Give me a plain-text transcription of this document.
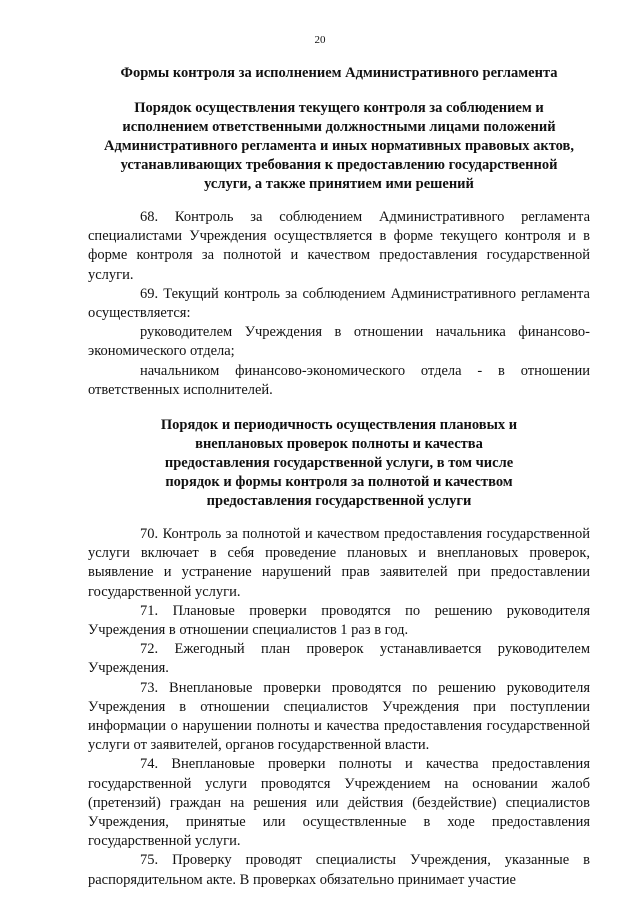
20

Формы контроля за исполнением Административного регламента

Порядок осуществления текущего контроля за соблюдением и исполнением ответственными должностными лицами положений Административного регламента и иных нормативных правовых актов, устанавливающих требования к предоставлению государственной услуги, а также принятием ими решений

68. Контроль за соблюдением Административного регламента специалистами Учреждения осуществляется в форме текущего контроля и в форме контроля за полнотой и качеством предоставления государственной услуги.

69. Текущий контроль за соблюдением Административного регламента осуществляется:

руководителем Учреждения в отношении начальника финансово-экономического отдела;

начальником финансово-экономического отдела - в отношении ответственных исполнителей.

Порядок и периодичность осуществления плановых и внеплановых проверок полноты и качества предоставления государственной услуги, в том числе порядок и формы контроля за полнотой и качеством предоставления государственной услуги

70. Контроль за полнотой и качеством предоставления государственной услуги включает в себя проведение плановых и внеплановых проверок, выявление и устранение нарушений прав заявителей при предоставлении государственной услуги.

71. Плановые проверки проводятся по решению руководителя Учреждения в отношении специалистов 1 раз в год.

72. Ежегодный план проверок устанавливается руководителем Учреждения.

73. Внеплановые проверки проводятся по решению руководителя Учреждения в отношении специалистов Учреждения при поступлении информации о нарушении полноты и качества предоставления государственной услуги от заявителей, органов государственной власти.

74. Внеплановые проверки полноты и качества предоставления государственной услуги проводятся Учреждением на основании жалоб (претензий) граждан на решения или действия (бездействие) специалистов Учреждения, принятые или осуществленные в ходе предоставления государственной услуги.

75. Проверку проводят специалисты Учреждения, указанные в распорядительном акте. В проверках обязательно принимает участие
